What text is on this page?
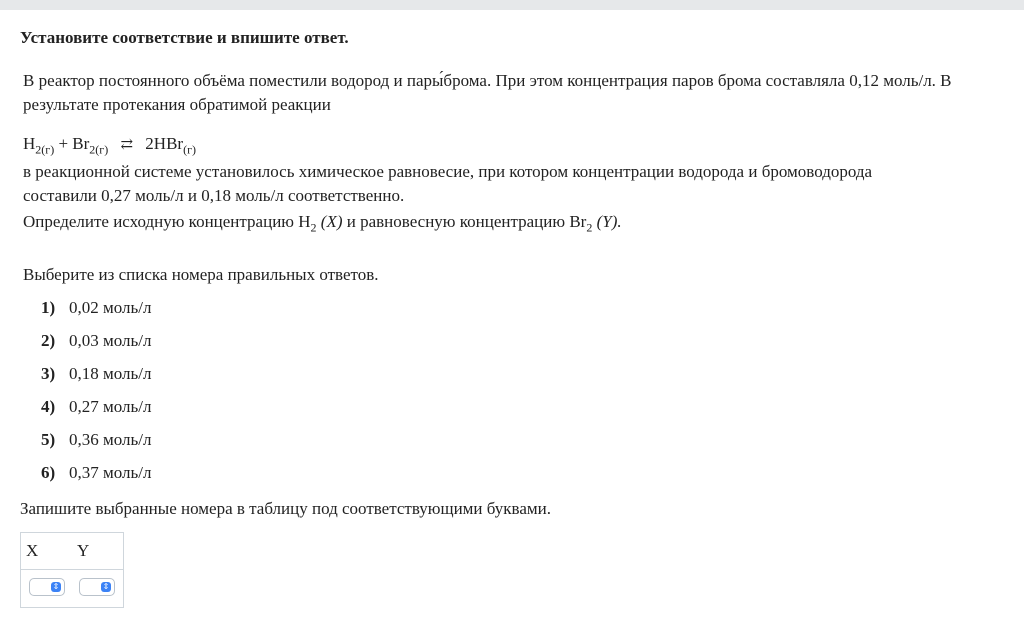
Установите соответствие и впишите ответ.
В реактор постоянного объёма поместили водород и пары́брома. При этом концентрация паров брома составляла 0,12 моль/л. В результате протекания обратимой реакции
$H_{2(г)} + Br_{2(г)}$ ⇄ 2HBr$_{(г)}$
в реакционной системе установилось химическое равновесие, при котором концентрации водорода и бромоводорода
составили 0,27 моль/л и 0,18 моль/л соответственно.
Определите исходную концентрацию $H_2$ (X) и равновесную концентрацию $Br_2$ (Y).
Выберите из списка номера правильных ответов.
1) 0,02 моль/л
2) 0,03 моль/л
3) 0,18 моль/л
4) 0,27 моль/л
5) 0,36 моль/л
6) 0,37 моль/л
Запишите выбранные номера в таблицу под соответствующими буквами.
X Y
⇕	⇕
